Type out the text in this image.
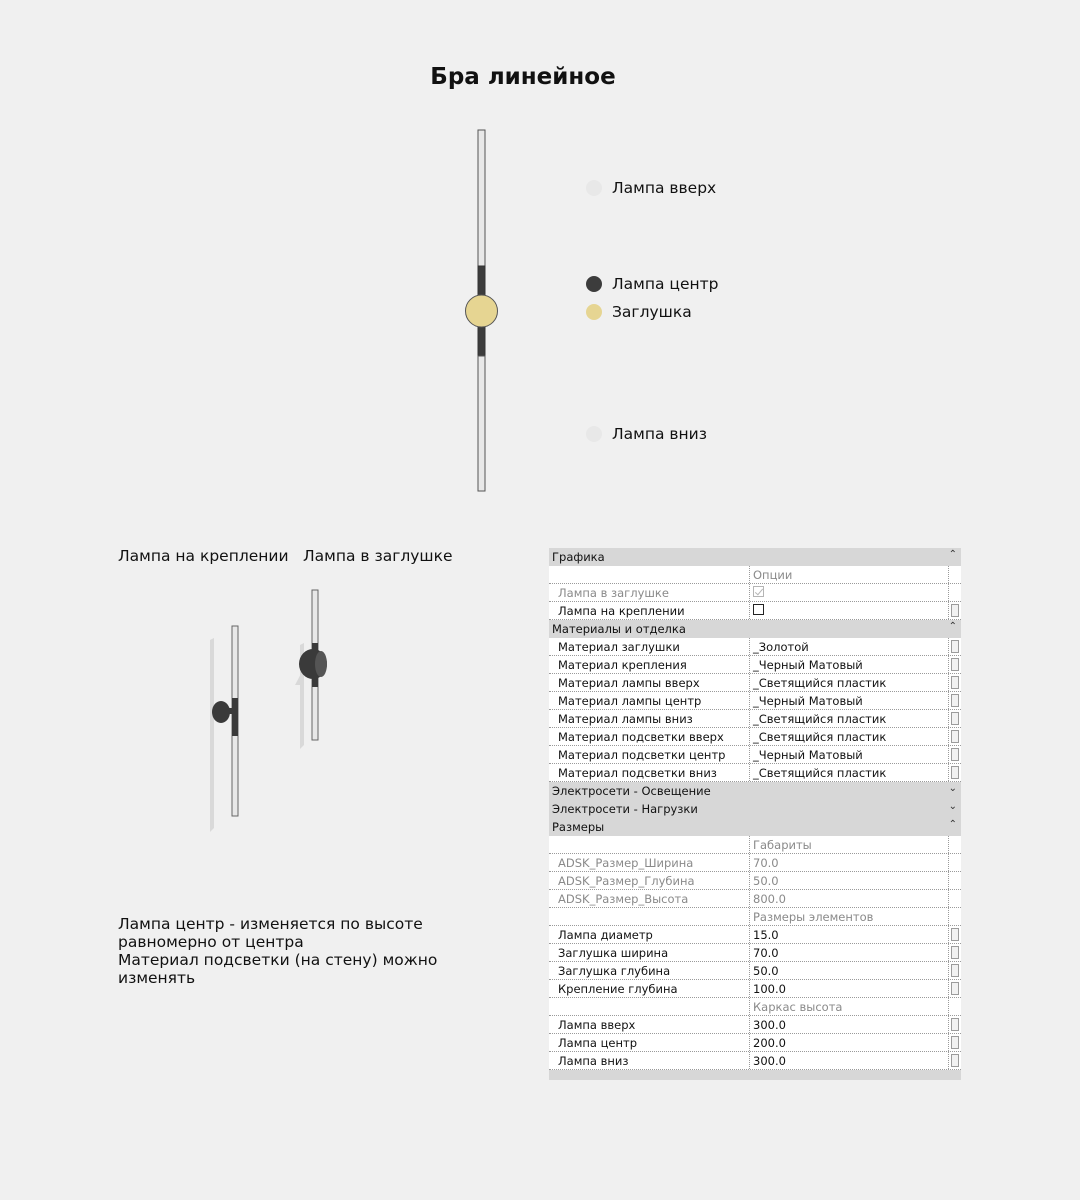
Бра линейное
Лампа вверх
Лампа центр
Заглушка
Лампа вниз
Лампа на креплении Лампа в заглушке
Лампа центр - изменяется по высоте равномерно от центра
Материал подсветки (на стену) можно изменять
Графика	⌃
Опции
Лампа в заглушке
Лампа на креплении
Материалы и отделка	⌃
Материал заглушки	_Золотой
Материал крепления	_Черный Матовый
Материал лампы вверх	_Светящийся пластик
Материал лампы центр	_Черный Матовый
Материал лампы вниз	_Светящийся пластик
Материал подсветки вверх	_Светящийся пластик
Материал подсветки центр _Черный Матовый
Материал подсветки вниз	_Светящийся пластик
Электросети - Освещение	⌄
Электросети - Нагрузки	⌄
Размеры	⌃
Габариты
ADSK_Размер_Ширина	70.0
ADSK_Размер_Глубина	50.0
ADSK_Размер_Высота	800.0
Размеры элементов
Лампа диаметр	15.0
Заглушка ширина	70.0
Заглушка глубина	50.0
Крепление глубина	100.0
Каркас высота
Лампа вверх	300.0
Лампа центр	200.0
Лампа вниз	300.0
